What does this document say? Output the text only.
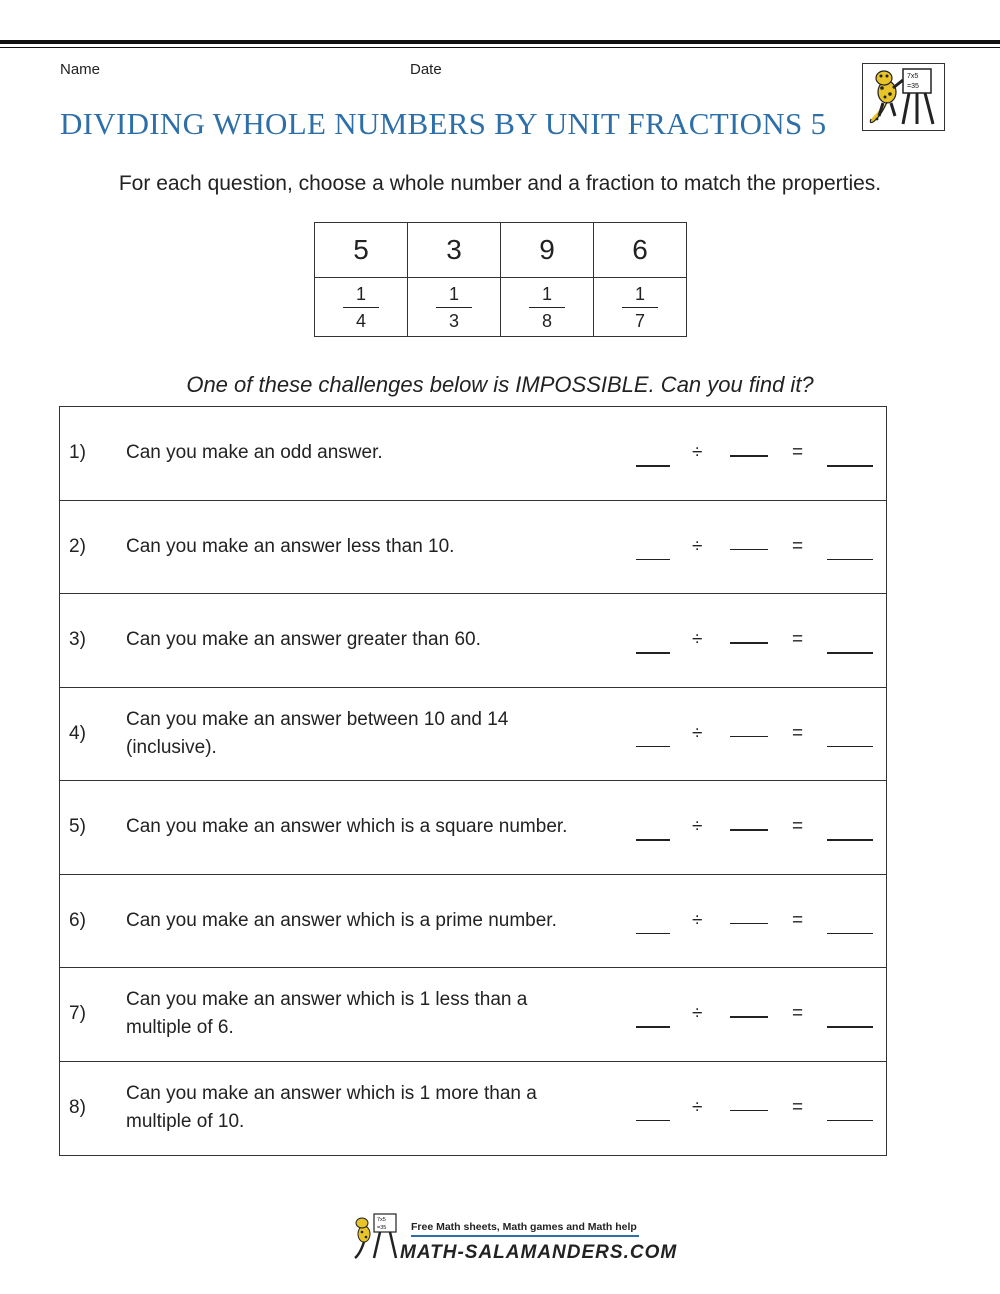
Name	Date
DIVIDING WHOLE NUMBERS BY UNIT FRACTIONS 5
7x5
=35
For each question, choose a whole number and a fraction to match the properties.
5	3	9	6

$\frac{1}{4}$	$\frac{1}{3}$	$\frac{1}{8}$	$\frac{1}{7}$
One of these challenges below is IMPOSSIBLE. Can you find it?
1) Can you make an odd answer.	÷	=
2) Can you make an answer less than 10.	÷	=
3) Can you make an answer greater than 60.	÷	=
4)
Can you make an answer between 10 and 14
(inclusive).
÷	=
5) Can you make an answer which is a square number.	÷	=
6) Can you make an answer which is a prime number.	÷	=
7)
Can you make an answer which is 1 less than a
multiple of 6.
÷	=
8)
Can you make an answer which is 1 more than a
multiple of 10.
÷	=
7x5
=35 Free Math sheets, Math games and Math help
MATH-SALAMANDERS.COM
